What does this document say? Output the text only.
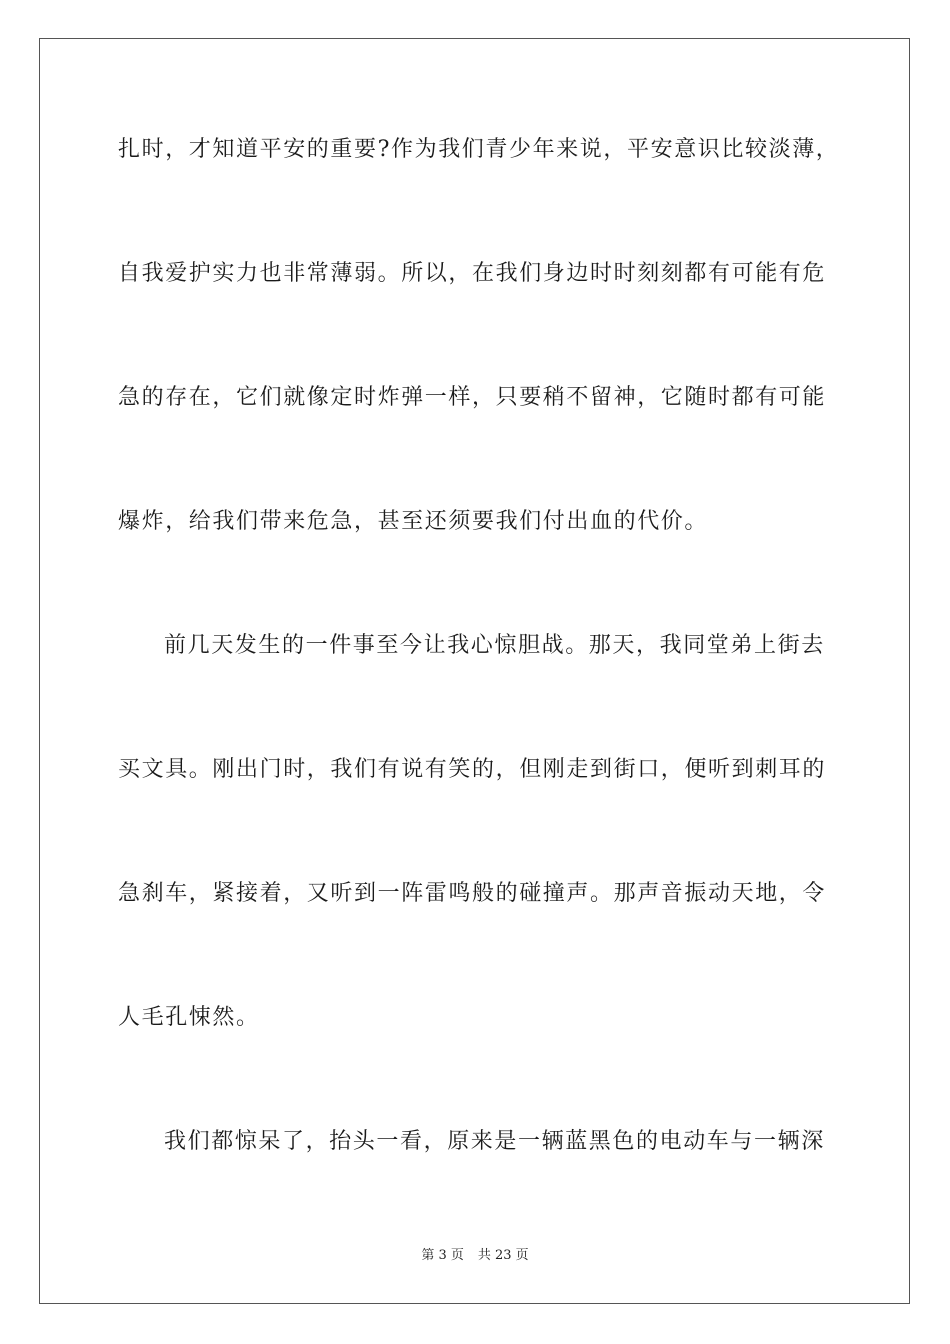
扎时，才知道平安的重要?作为我们青少年来说，平安意识比较淡薄，
自我爱护实力也非常薄弱。所以，在我们身边时时刻刻都有可能有危
急的存在，它们就像定时炸弹一样，只要稍不留神，它随时都有可能
爆炸，给我们带来危急，甚至还须要我们付出血的代价。
前几天发生的一件事至今让我心惊胆战。那天，我同堂弟上街去
买文具。刚出门时，我们有说有笑的，但刚走到街口，便听到刺耳的
急刹车，紧接着，又听到一阵雷鸣般的碰撞声。那声音振动天地，令
人毛孔悚然。
我们都惊呆了，抬头一看，原来是一辆蓝黑色的电动车与一辆深
第 3 页 共 23 页
